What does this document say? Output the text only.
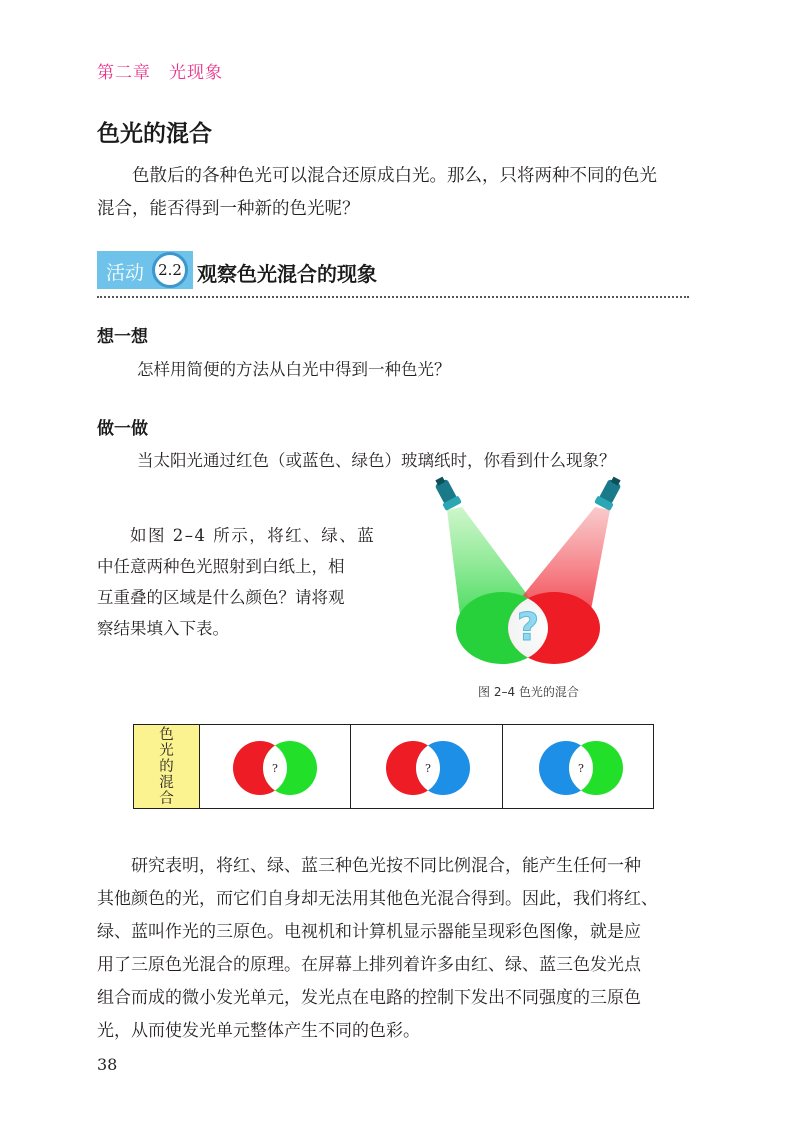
第二章　光现象
色光的混合

色散后的各种色光可以混合还原成白光。那么，只将两种不同的色光

混合，能否得到一种新的色光呢？
活动 2.2 观察色光混合的现象
想一想
怎样用简便的方法从白光中得到一种色光？
做一做
当太阳光通过红色（或蓝色、绿色）玻璃纸时，你看到什么现象？

如图 2–4 所示，将红、绿、蓝

中任意两种色光照射到白纸上，相
互重叠的区域是什么颜色？请将观
察结果填入下表。	?
图 2–4 色光的混合
色光的混合
?	?	?

研究表明，将红、绿、蓝三种色光按不同比例混合，能产生任何一种

其他颜色的光，而它们自身却无法用其他色光混合得到。因此，我们将红、
绿、蓝叫作光的三原色。电视机和计算机显示器能呈现彩色图像，就是应
用了三原色光混合的原理。在屏幕上排列着许多由红、绿、蓝三色发光点
组合而成的微小发光单元，发光点在电路的控制下发出不同强度的三原色
光，从而使发光单元整体产生不同的色彩。
38
